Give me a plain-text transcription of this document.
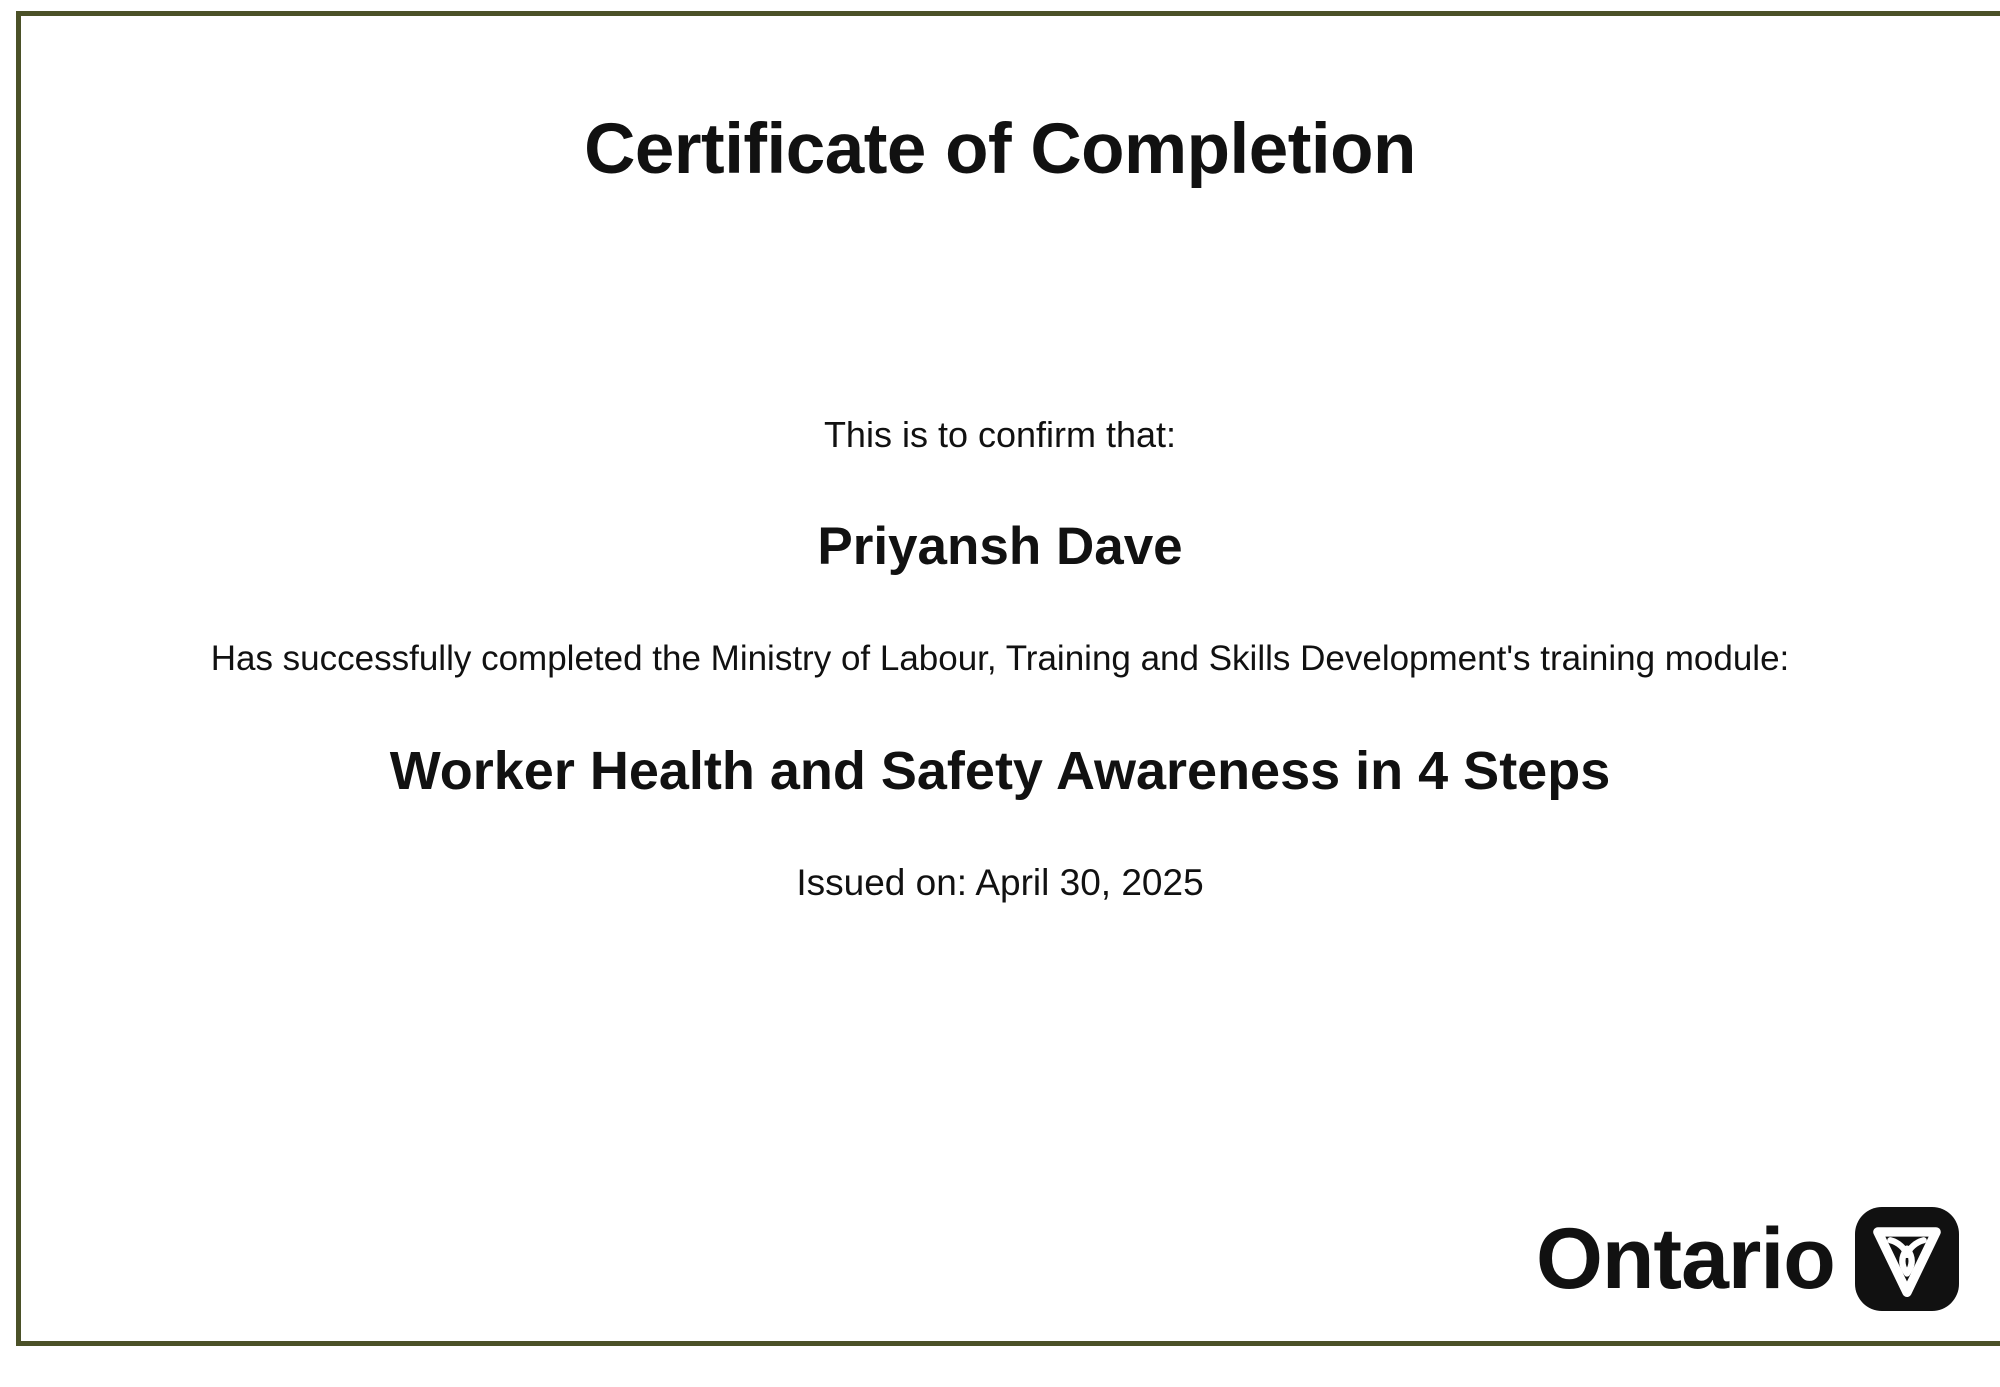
Certificate of Completion

This is to confirm that:

Priyansh Dave

Has successfully completed the Ministry of Labour, Training and Skills Development's training module:

Worker Health and Safety Awareness in 4 Steps

Issued on: April 30, 2025

Ontario
